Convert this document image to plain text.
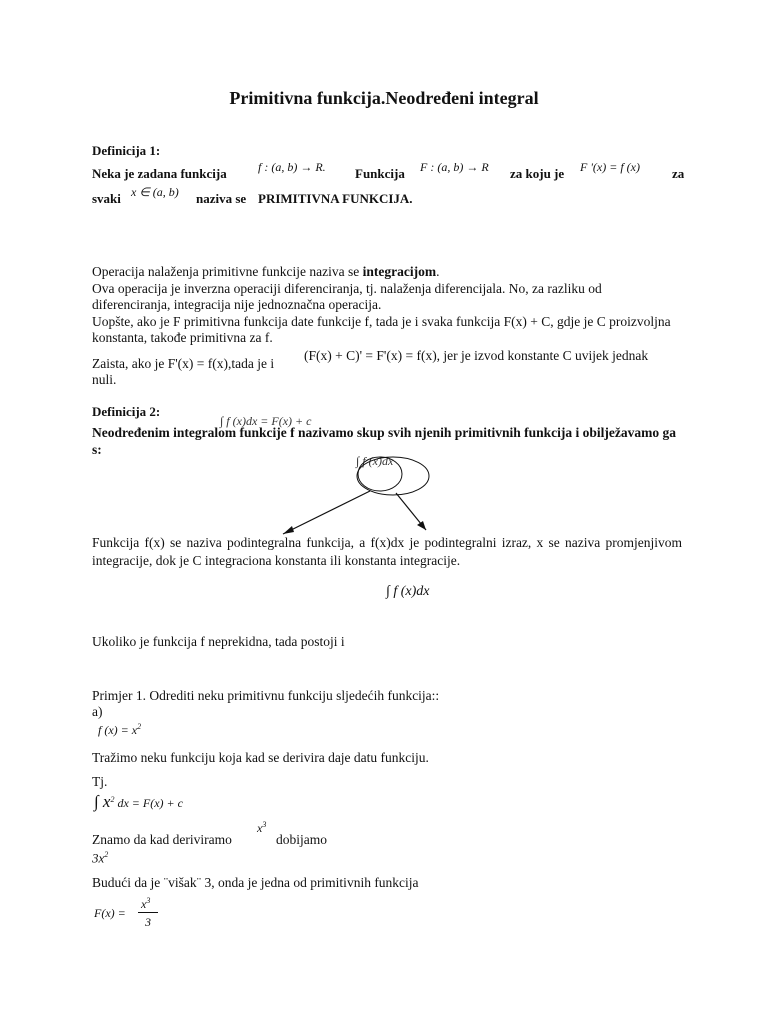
Primitivna funkcija.Neodređeni integral
Definicija 1:
Neka je zadana funkcija	f : (a, b) → R. Funkcija F : (a, b) → R za koju je F '(x) = f (x) za
svaki x ∈ (a, b) naziva se PRIMITIVNA FUNKCIJA.
Operacija nalaženja primitivne funkcije naziva se integracijom.
Ova operacija je inverzna operaciji diferenciranja, tj. nalaženja diferencijala. No, za razliku od diferenciranja, integracija nije jednoznačna operacija.
Uopšte, ako je F primitivna funkcija date funkcije f, tada je i svaka funkcija F(x) + C, gdje je C proizvoljna konstanta, takođe primitivna za f.
Zaista, ako je F'(x) = f(x),tada je i
(F(x) + C)' = F'(x) = f(x), jer je izvod konstante C uvijek jednak
nuli.
Definicija 2:
∫ f (x)dx = F(x) + c
Neodređenim integralom funkcije f nazivamo skup svih njenih primitivnih funkcija i obilježavamo ga s:
∫ f (x)dx
Funkcija f(x) se naziva podintegralna funkcija, a f(x)dx je podintegralni izraz, x se naziva promjenjivom integracije, dok je C integraciona konstanta ili konstanta integracije.
∫ f (x)dx
Ukoliko je funkcija f neprekidna, tada postoji i
Primjer 1. Odrediti neku primitivnu funkciju sljedećih funkcija::
a)
f $(x) = x^2$
Tražimo neku funkciju koja kad se derivira daje datu funkciju.
Tj.
∫ $x^2$ dx = F(x) + c
Znamo da kad deriviramo
$x^3$
dobijamo
$3x^2$
Budući da je ¨višak¨ 3, onda je jedna od primitivnih funkcija
F(x) =
$x^3$
3
